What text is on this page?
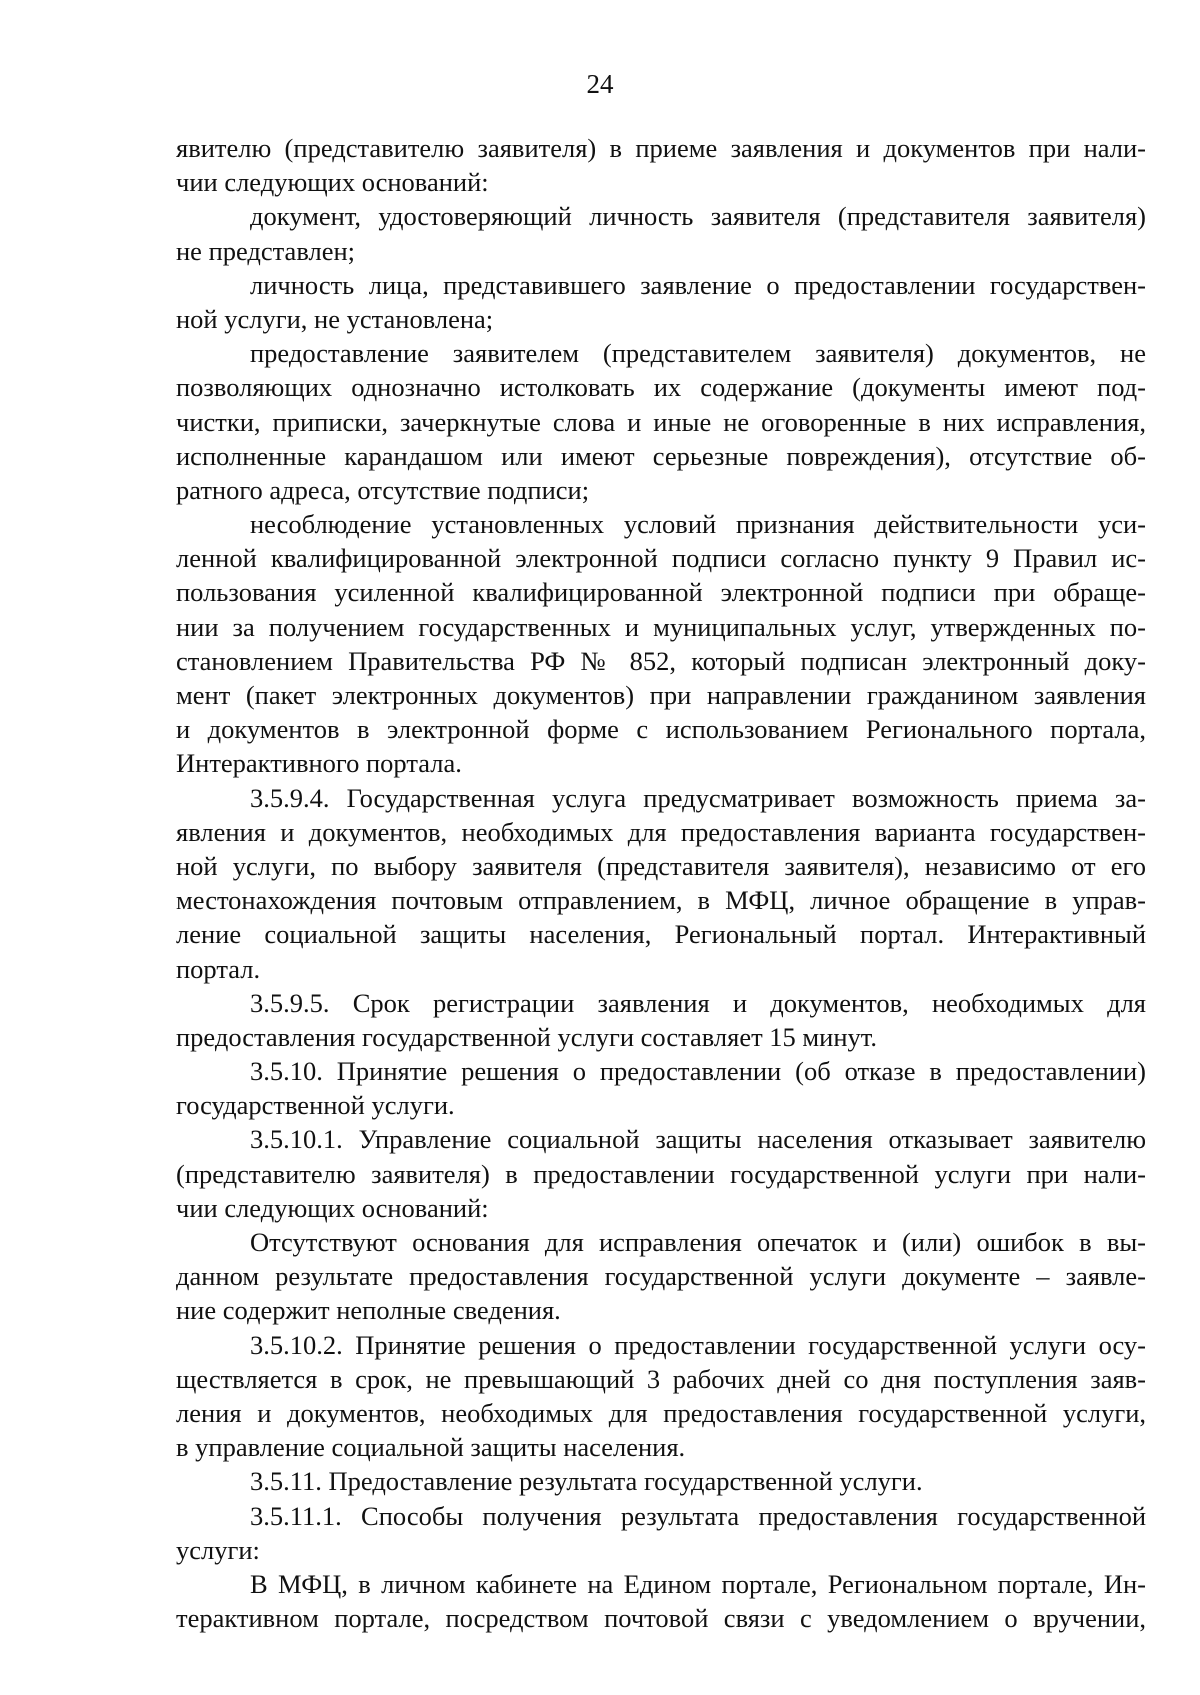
24
явителю (представителю заявителя) в приеме заявления и документов при нали-
чии следующих оснований:
документ, удостоверяющий личность заявителя (представителя заявителя)
не представлен;
личность лица, представившего заявление о предоставлении государствен-
ной услуги, не установлена;
предоставление заявителем (представителем заявителя) документов, не
позволяющих однозначно истолковать их содержание (документы имеют под-
чистки, приписки, зачеркнутые слова и иные не оговоренные в них исправления,
исполненные карандашом или имеют серьезные повреждения), отсутствие об-
ратного адреса, отсутствие подписи;
несоблюдение установленных условий признания действительности уси-
ленной квалифицированной электронной подписи согласно пункту 9 Правил ис-
пользования усиленной квалифицированной электронной подписи при обраще-
нии за получением государственных и муниципальных услуг, утвержденных по-
становлением Правительства РФ № 852, который подписан электронный доку-
мент (пакет электронных документов) при направлении гражданином заявления
и документов в электронной форме с использованием Регионального портала,
Интерактивного портала.
3.5.9.4. Государственная услуга предусматривает возможность приема за-
явления и документов, необходимых для предоставления варианта государствен-
ной услуги, по выбору заявителя (представителя заявителя), независимо от его
местонахождения почтовым отправлением, в МФЦ, личное обращение в управ-
ление социальной защиты населения, Региональный портал. Интерактивный
портал.
3.5.9.5. Срок регистрации заявления и документов, необходимых для
предоставления государственной услуги составляет 15 минут.
3.5.10. Принятие решения о предоставлении (об отказе в предоставлении)
государственной услуги.
3.5.10.1. Управление социальной защиты населения отказывает заявителю
(представителю заявителя) в предоставлении государственной услуги при нали-
чии следующих оснований:
Отсутствуют основания для исправления опечаток и (или) ошибок в вы-
данном результате предоставления государственной услуги документе – заявле-
ние содержит неполные сведения.
3.5.10.2. Принятие решения о предоставлении государственной услуги осу-
ществляется в срок, не превышающий 3 рабочих дней со дня поступления заяв-
ления и документов, необходимых для предоставления государственной услуги,
в управление социальной защиты населения.
3.5.11. Предоставление результата государственной услуги.
3.5.11.1. Способы получения результата предоставления государственной
услуги:
В МФЦ, в личном кабинете на Едином портале, Региональном портале, Ин-
терактивном портале, посредством почтовой связи с уведомлением о вручении,
